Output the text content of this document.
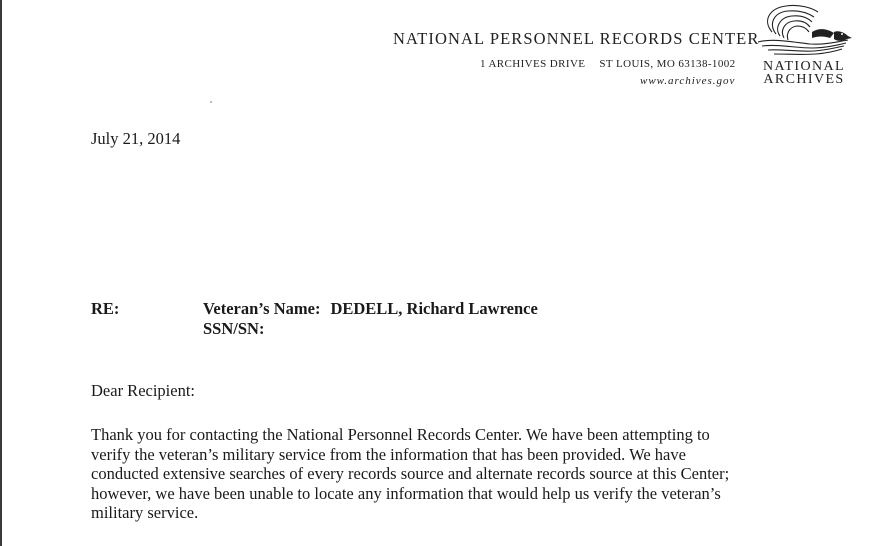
NATIONAL PERSONNEL RECORDS CENTER
1 ARCHIVES DRIVE ST LOUIS, MO 63138-1002
www.archives.gov
NATIONAL
ARCHIVES
July 21, 2014
RE:	Veteran’s Name: DEDELL, Richard Lawrence
SSN/SN:
Dear Recipient:
Thank you for contacting the National Personnel Records Center. We have been attempting to
verify the veteran’s military service from the information that has been provided. We have
conducted extensive searches of every records source and alternate records source at this Center;
however, we have been unable to locate any information that would help us verify the veteran’s
military service.
